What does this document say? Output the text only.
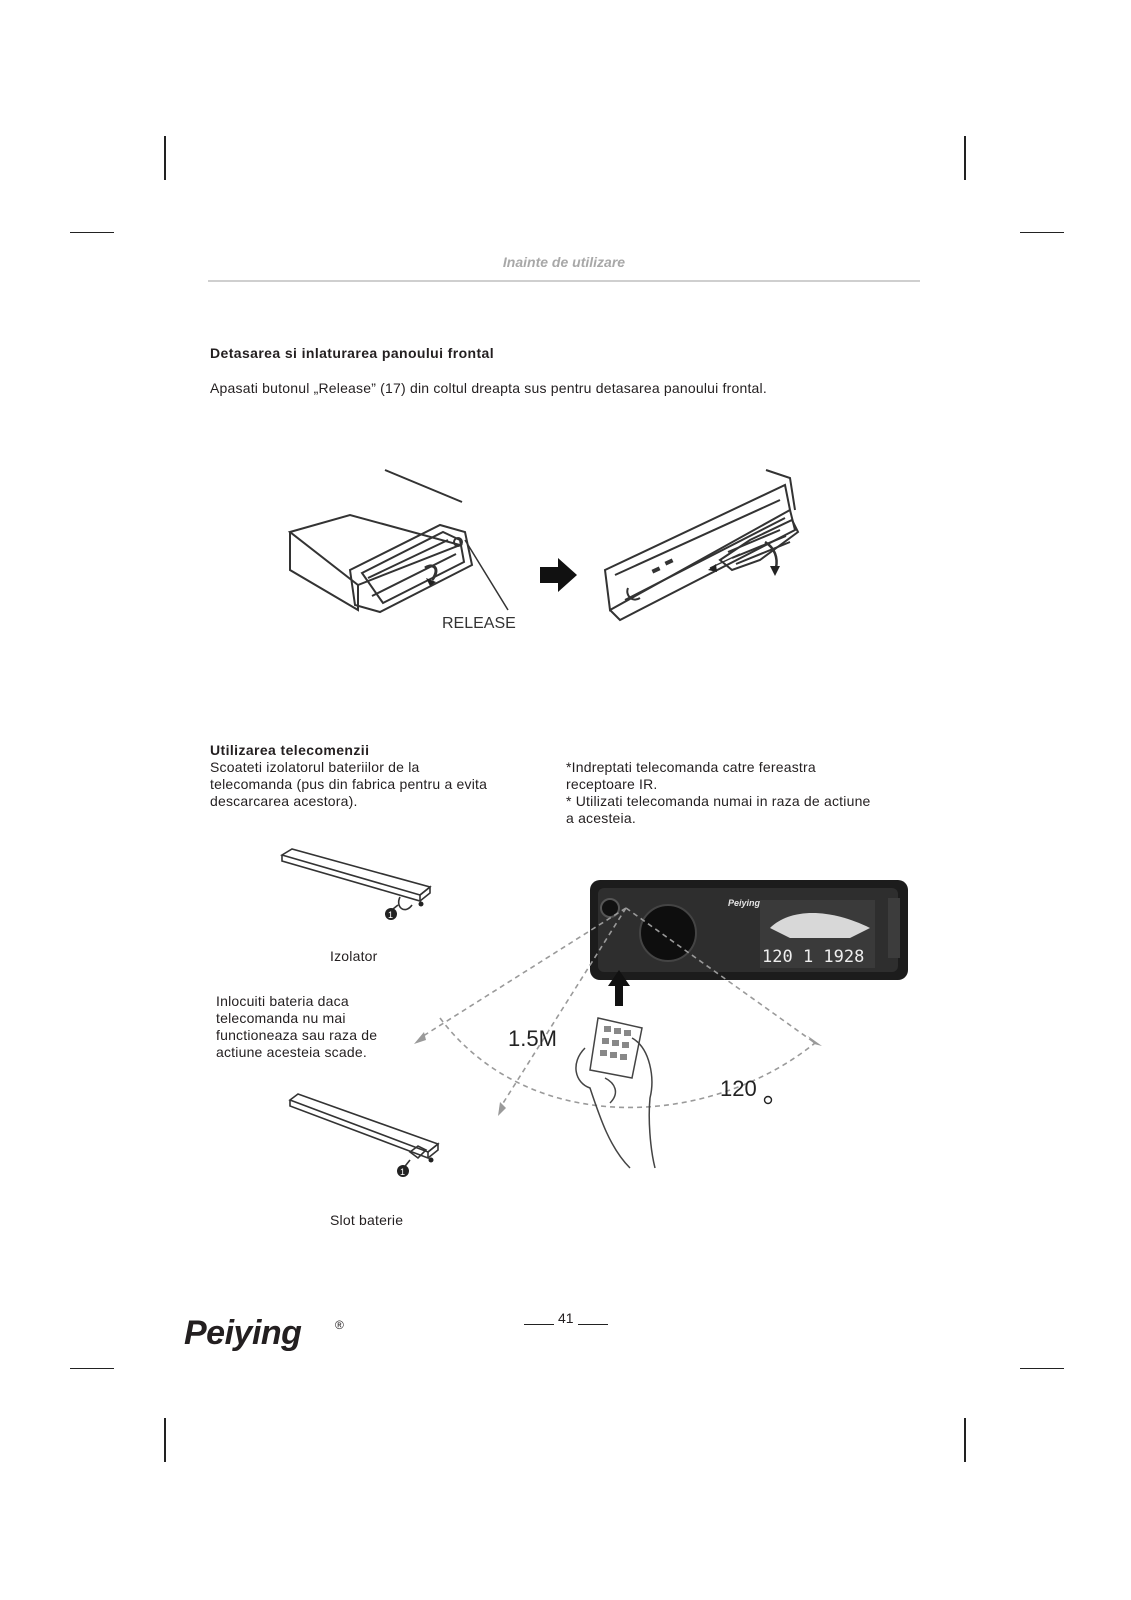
Inainte de utilizare
Detasarea si inlaturarea panoului frontal
Apasati butonul „Release” (17) din coltul dreapta sus pentru detasarea panoului frontal.
RELEASE
Utilizarea telecomenzii
Scoateti izolatorul bateriilor de la
telecomanda (pus din fabrica pentru a evita
descarcarea acestora).
*Indreptati telecomanda catre fereastra
receptoare IR.
* Utilizati telecomanda numai in raza de actiune
a acesteia.
1
Izolator
Inlocuiti bateria daca
telecomanda nu mai
functioneaza sau raza de
actiune acesteia scade.
1
Slot baterie
Peiying
120 1 1928
1.5M
120
41
Peiying	®
